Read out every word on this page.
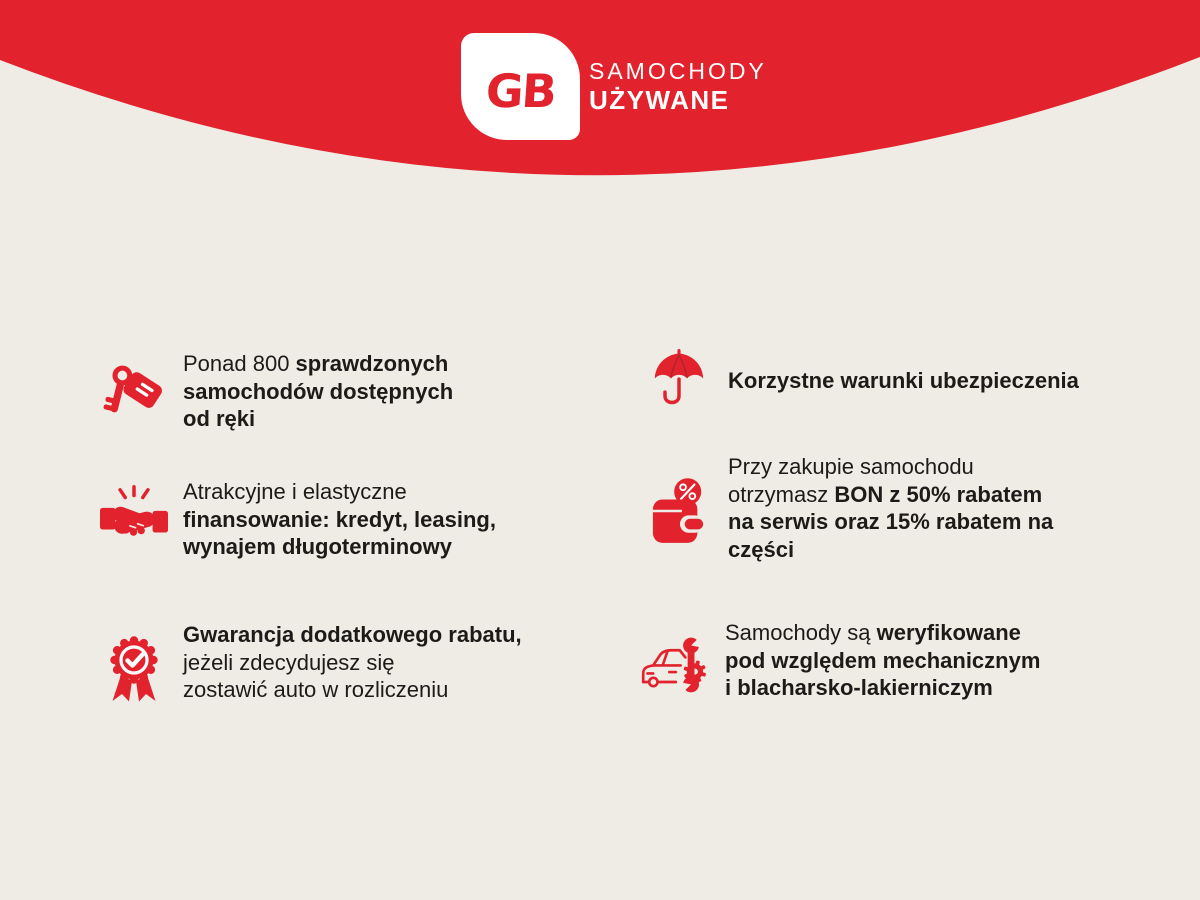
GB SAMOCHODY
UŻYWANE

Ponad 800 sprawdzonych
samochodów dostępnych
od ręki

Atrakcyjne i elastyczne
finansowanie: kredyt, leasing,
wynajem długoterminowy

Gwarancja dodatkowego rabatu,
jeżeli zdecydujesz się
zostawić auto w rozliczeniu

Korzystne warunki ubezpieczenia

Przy zakupie samochodu
otrzymasz BON z 50% rabatem
na serwis oraz 15% rabatem na
części

Samochody są weryfikowane
pod względem mechanicznym
i blacharsko-lakierniczym
